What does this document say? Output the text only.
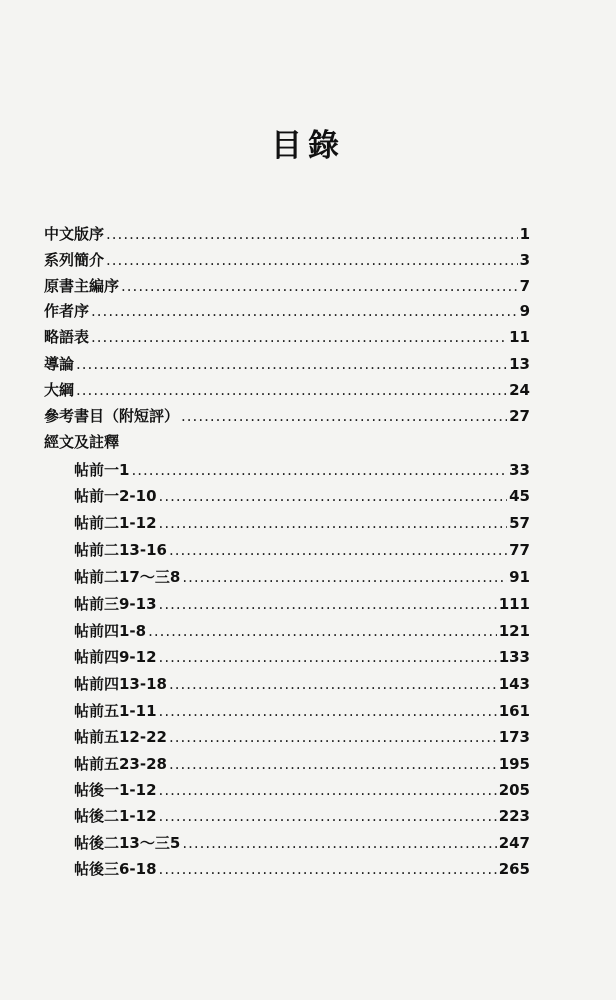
目錄
中文版序 .....	1
系列簡介 .....	3
原書主編序 .....	7
作者序 .....	9
略語表 .....	11
導論 .....	13
大綱 .....	24
參考書目（附短評） .....	27
經文及註釋
帖前一1 .....	33
帖前一2-10 .....	45
帖前二1-12 .....	57
帖前二13-16 .....	77
帖前二17～三8 .....	91
帖前三9-13 .....	111
帖前四1-8 .....	121
帖前四9-12 .....	133
帖前四13-18 .....	143
帖前五1-11 .....	161
帖前五12-22 .....	173
帖前五23-28 .....	195
帖後一1-12 .....	205
帖後二1-12 .....	223
帖後二13～三5 .....	247
帖後三6-18 .....	265
